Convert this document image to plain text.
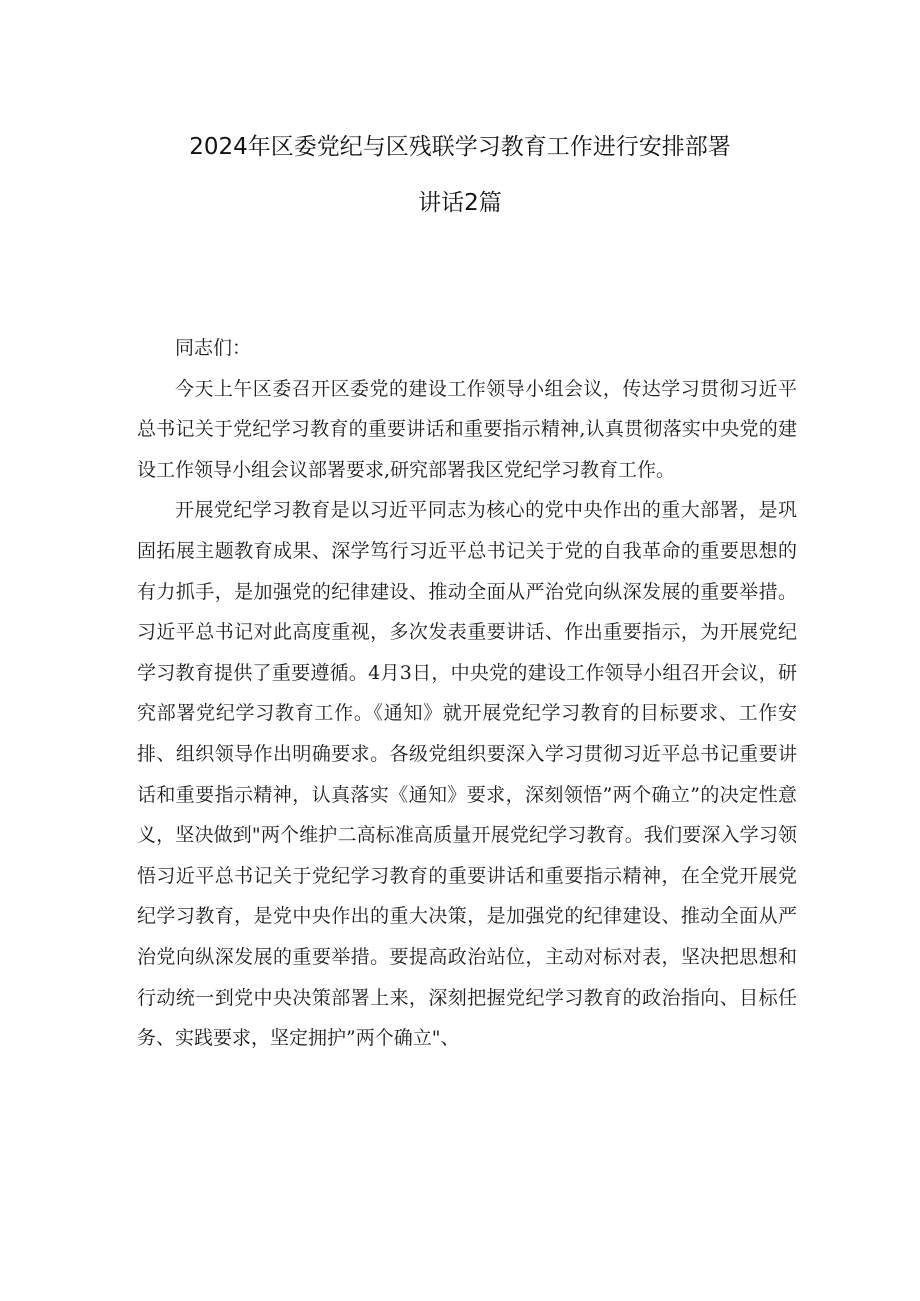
2024年区委党纪与区残联学习教育工作进行安排部署
讲话2篇

同志们：

今天上午区委召开区委党的建设工作领导小组会议，传达学习贯彻习近平总书记关于党纪学习教育的重要讲话和重要指示精神,认真贯彻落实中央党的建设工作领导小组会议部署要求,研究部署我区党纪学习教育工作。

开展党纪学习教育是以习近平同志为核心的党中央作出的重大部署，是巩固拓展主题教育成果、深学笃行习近平总书记关于党的自我革命的重要思想的有力抓手，是加强党的纪律建设、推动全面从严治党向纵深发展的重要举措。习近平总书记对此高度重视，多次发表重要讲话、作出重要指示，为开展党纪学习教育提供了重要遵循。4月3日，中央党的建设工作领导小组召开会议，研究部署党纪学习教育工作。《通知》就开展党纪学习教育的目标要求、工作安排、组织领导作出明确要求。各级党组织要深入学习贯彻习近平总书记重要讲话和重要指示精神，认真落实《通知》要求，深刻领悟”两个确立”的决定性意义，坚决做到"两个维护二高标准高质量开展党纪学习教育。我们要深入学习领悟习近平总书记关于党纪学习教育的重要讲话和重要指示精神，在全党开展党纪学习教育，是党中央作出的重大决策，是加强党的纪律建设、推动全面从严治党向纵深发展的重要举措。要提高政治站位，主动对标对表，坚决把思想和行动统一到党中央决策部署上来，深刻把握党纪学习教育的政治指向、目标任务、实践要求，坚定拥护”两个确立"、
